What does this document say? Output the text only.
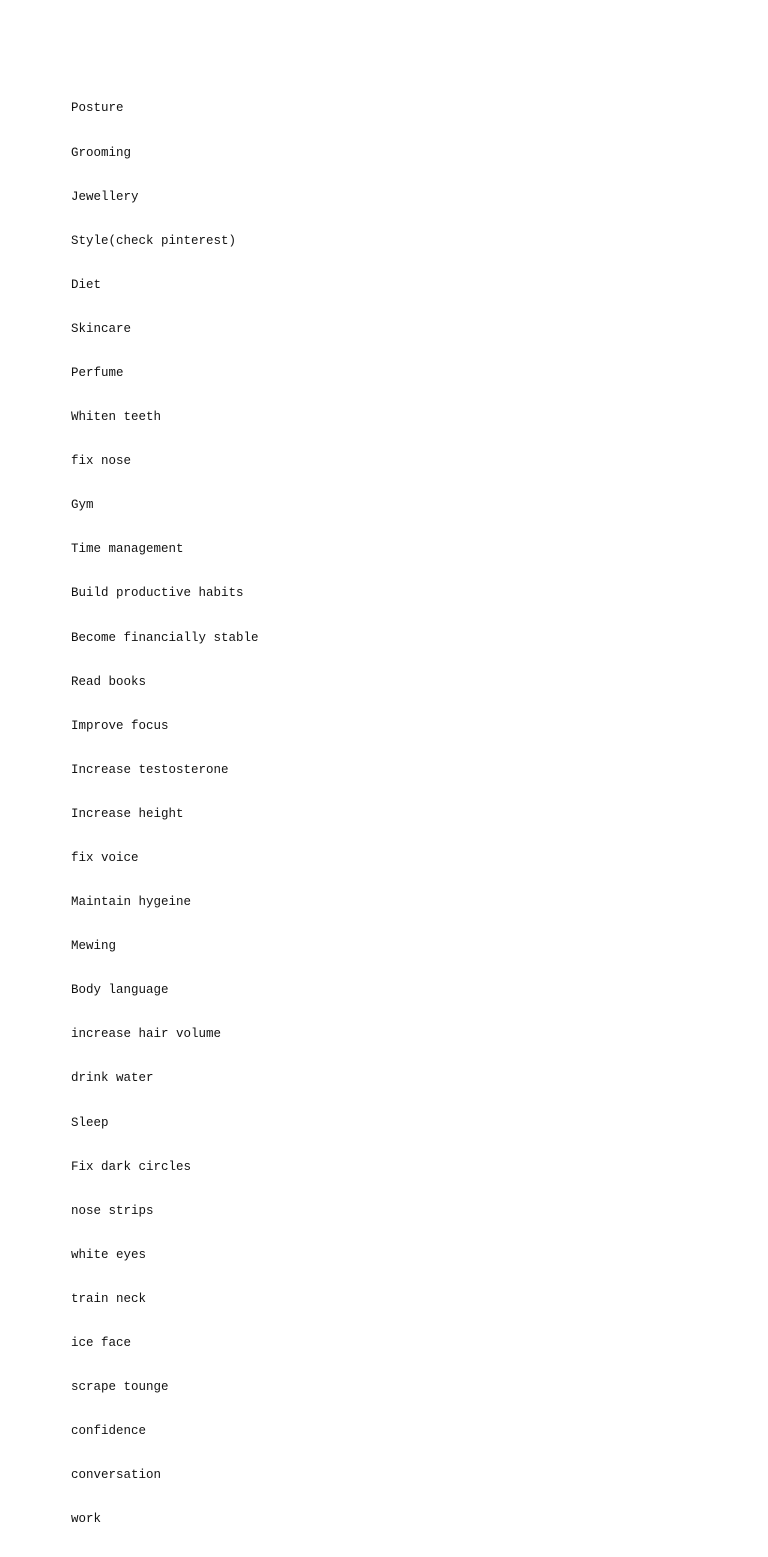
Posture

Grooming

Jewellery

Style(check pinterest)

Diet

Skincare

Perfume

Whiten teeth

fix nose

Gym

Time management

Build productive habits

Become financially stable

Read books

Improve focus

Increase testosterone

Increase height

fix voice

Maintain hygeine

Mewing

Body language

increase hair volume

drink water

Sleep

Fix dark circles

nose strips

white eyes

train neck

ice face

scrape tounge

confidence

conversation

work
